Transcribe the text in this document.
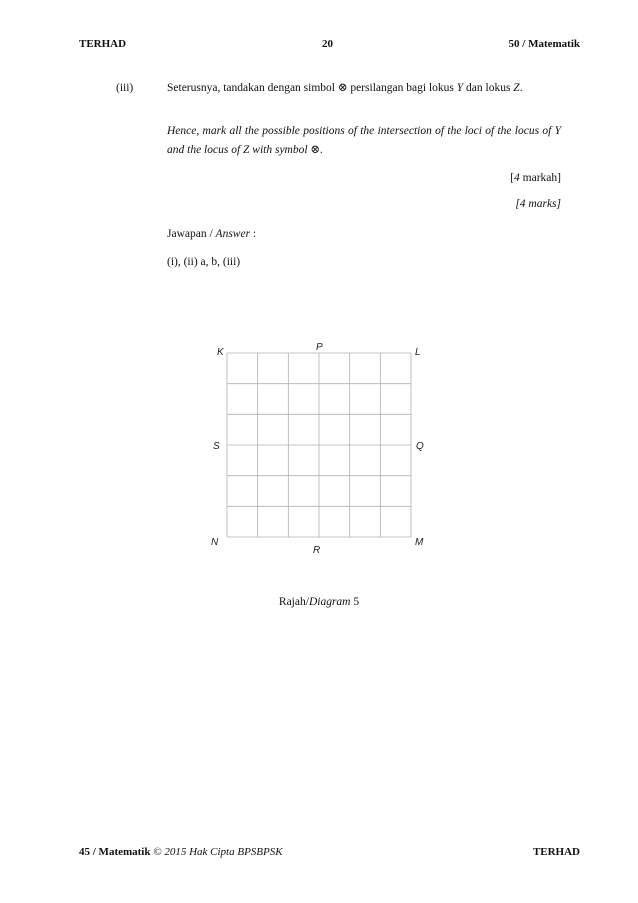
TERHAD	20	50 / Matematik
(iii)	Seterusnya, tandakan dengan simbol ⊗ persilangan bagi lokus Y dan lokus Z.
Hence, mark all the possible positions of the intersection of the loci of the locus of Y and the locus of Z with symbol ⊗.
[4 markah]
[4 marks]
Jawapan / Answer :
(i), (ii) a, b, (iii)
K	P	L
S	Q
N
R
M
Rajah/Diagram 5
45 / Matematik © 2015 Hak Cipta BPSBPSK	TERHAD
